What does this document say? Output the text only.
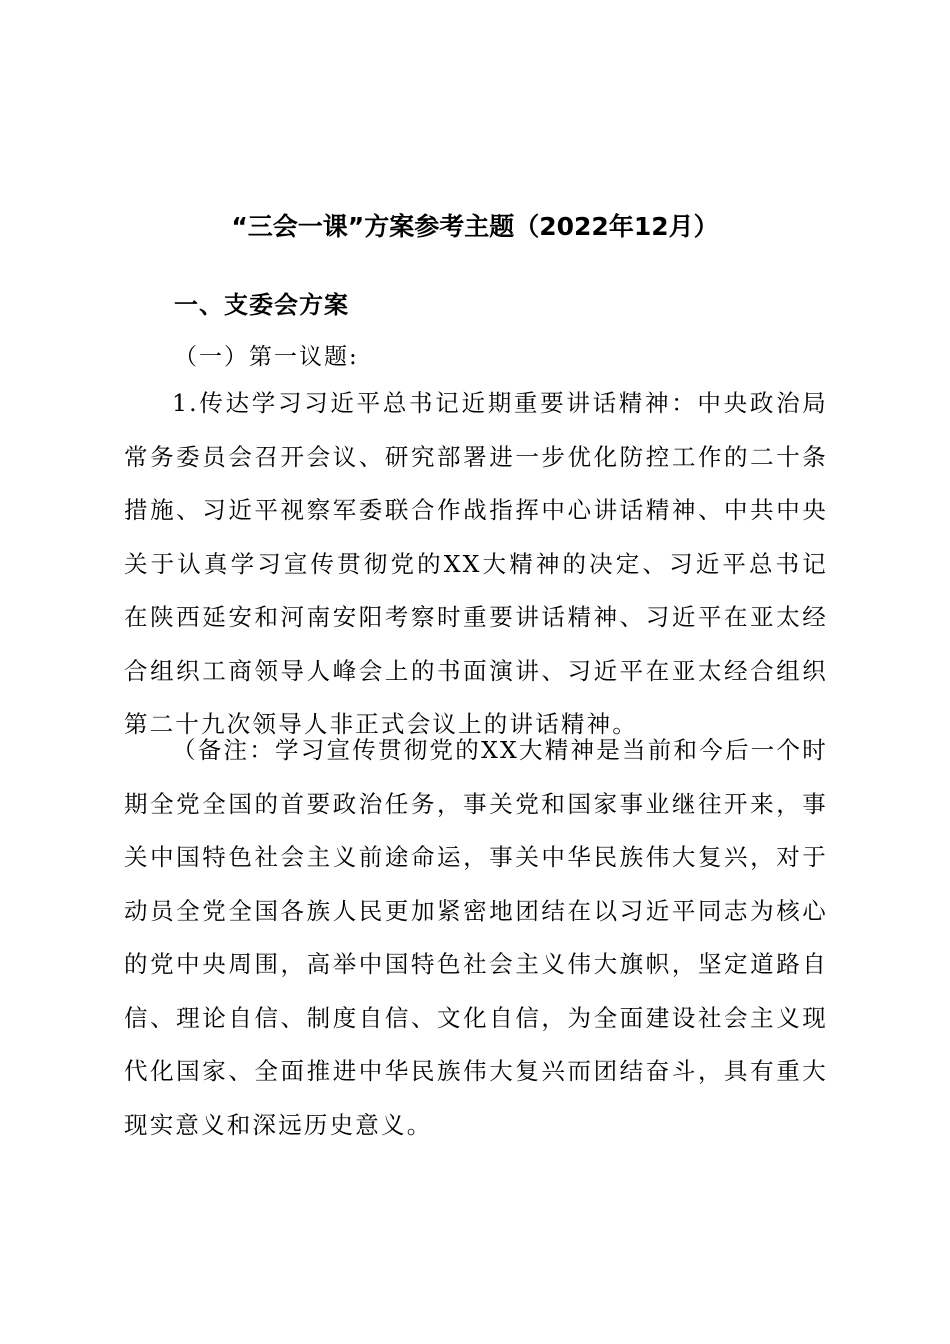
“三会一课”方案参考主题（2022年12月）
一、支委会方案
（一）第一议题:

1.传达学习习近平总书记近期重要讲话精神：中央政治局常务委员会召开会议、研究部署进一步优化防控工作的二十条措施、习近平视察军委联合作战指挥中心讲话精神、中共中央关于认真学习宣传贯彻党的XX大精神的决定、习近平总书记在陕西延安和河南安阳考察时重要讲话精神、习近平在亚太经合组织工商领导人峰会上的书面演讲、习近平在亚太经合组织第二十九次领导人非正式会议上的讲话精神。

（备注：学习宣传贯彻党的XX大精神是当前和今后一个时期全党全国的首要政治任务，事关党和国家事业继往开来，事关中国特色社会主义前途命运，事关中华民族伟大复兴，对于动员全党全国各族人民更加紧密地团结在以习近平同志为核心的党中央周围，高举中国特色社会主义伟大旗帜，坚定道路自信、理论自信、制度自信、文化自信，为全面建设社会主义现代化国家、全面推进中华民族伟大复兴而团结奋斗，具有重大现实意义和深远历史意义。
